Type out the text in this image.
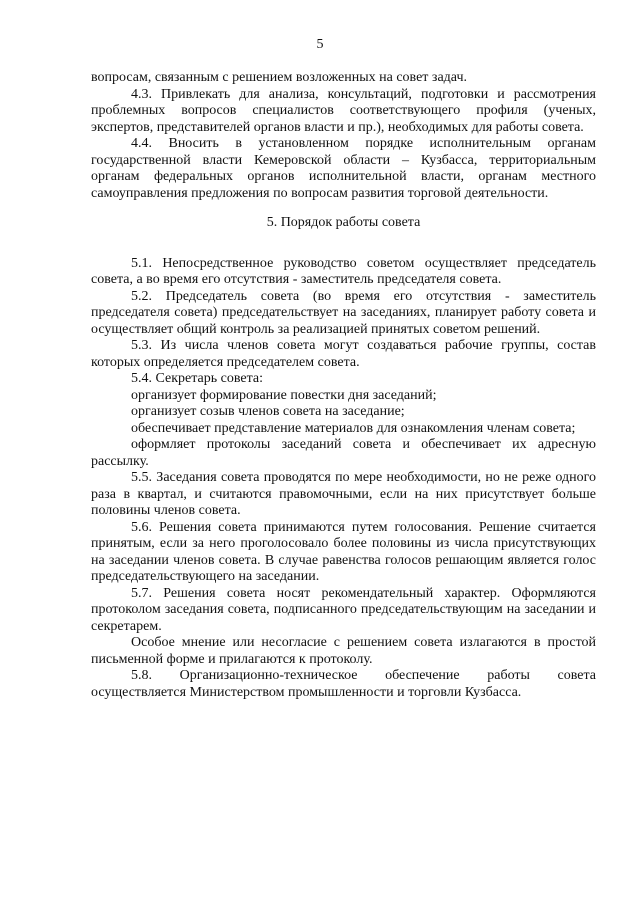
5

вопросам, связанным с решением возложенных на совет задач.

4.3. Привлекать для анализа, консультаций, подготовки и рассмотрения проблемных вопросов специалистов соответствующего профиля (ученых, экспертов, представителей органов власти и пр.), необходимых для работы совета.

4.4. Вносить в установленном порядке исполнительным органам государственной власти Кемеровской области – Кузбасса, территориальным органам федеральных органов исполнительной власти, органам местного самоуправления предложения по вопросам развития торговой деятельности.

5. Порядок работы совета

5.1. Непосредственное руководство советом осуществляет председатель совета, а во время его отсутствия - заместитель председателя совета.

5.2. Председатель совета (во время его отсутствия - заместитель председателя совета) председательствует на заседаниях, планирует работу совета и осуществляет общий контроль за реализацией принятых советом решений.

5.3. Из числа членов совета могут создаваться рабочие группы, состав которых определяется председателем совета.

5.4. Секретарь совета:

организует формирование повестки дня заседаний;

организует созыв членов совета на заседание;

обеспечивает представление материалов для ознакомления членам совета;

оформляет протоколы заседаний совета и обеспечивает их адресную рассылку.

5.5. Заседания совета проводятся по мере необходимости, но не реже одного раза в квартал, и считаются правомочными, если на них присутствует больше половины членов совета.

5.6. Решения совета принимаются путем голосования. Решение считается принятым, если за него проголосовало более половины из числа присутствующих на заседании членов совета. В случае равенства голосов решающим является голос председательствующего на заседании.

5.7. Решения совета носят рекомендательный характер. Оформляются протоколом заседания совета, подписанного председательствующим на заседании и секретарем.

Особое мнение или несогласие с решением совета излагаются в простой письменной форме и прилагаются к протоколу.

5.8. Организационно-техническое обеспечение работы совета осуществляется Министерством промышленности и торговли Кузбасса.
